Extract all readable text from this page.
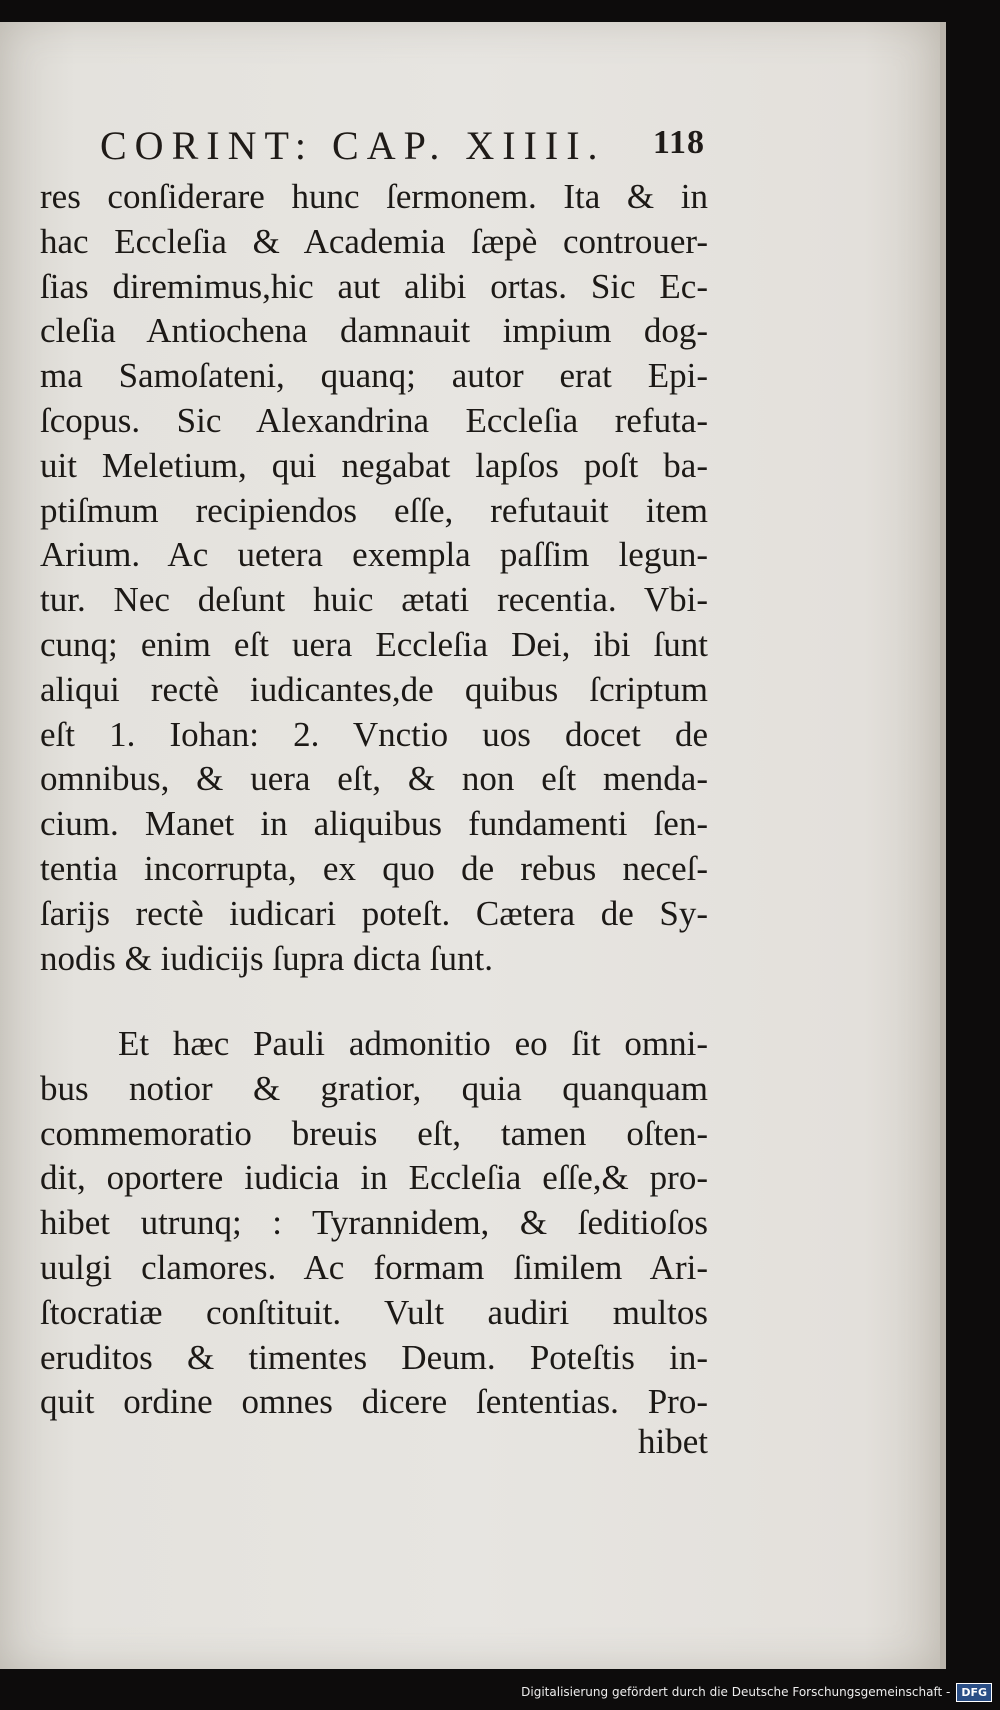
CORINT: CAP. XIIII. 118
res conſiderare hunc ſermonem. Ita & in
hac Eccleſia & Academia ſæpè controuer-
ſias diremimus,hic aut alibi ortas. Sic Ec-
cleſia Antiochena damnauit impium dog-
ma Samoſateni, quanq; autor erat Epi-
ſcopus. Sic Alexandrina Eccleſia refuta-
uit Meletium, qui negabat lapſos poſt ba-
ptiſmum recipiendos eſſe, refutauit item
Arium. Ac uetera exempla paſſim legun-
tur. Nec deſunt huic ætati recentia. Vbi-
cunq; enim eſt uera Eccleſia Dei, ibi ſunt
aliqui rectè iudicantes,de quibus ſcriptum
eſt 1. Iohan: 2. Vnctio uos docet de
omnibus, & uera eſt, & non eſt menda-
cium. Manet in aliquibus fundamenti ſen-
tentia incorrupta, ex quo de rebus neceſ-
ſarijs rectè iudicari poteſt. Cætera de Sy-
nodis & iudicijs ſupra dicta ſunt.
Et hæc Pauli admonitio eo ſit omni-
bus notior & gratior, quia quanquam
commemoratio breuis eſt, tamen oſten-
dit, oportere iudicia in Eccleſia eſſe,& pro-
hibet utrunq; : Tyrannidem, & ſeditioſos
uulgi clamores. Ac formam ſimilem Ari-
ſtocratiæ conſtituit. Vult audiri multos
eruditos & timentes Deum. Poteſtis in-
quit ordine omnes dicere ſententias. Pro-
hibet
Digitalisierung gefördert durch die Deutsche Forschungsgemeinschaft -	DFG
